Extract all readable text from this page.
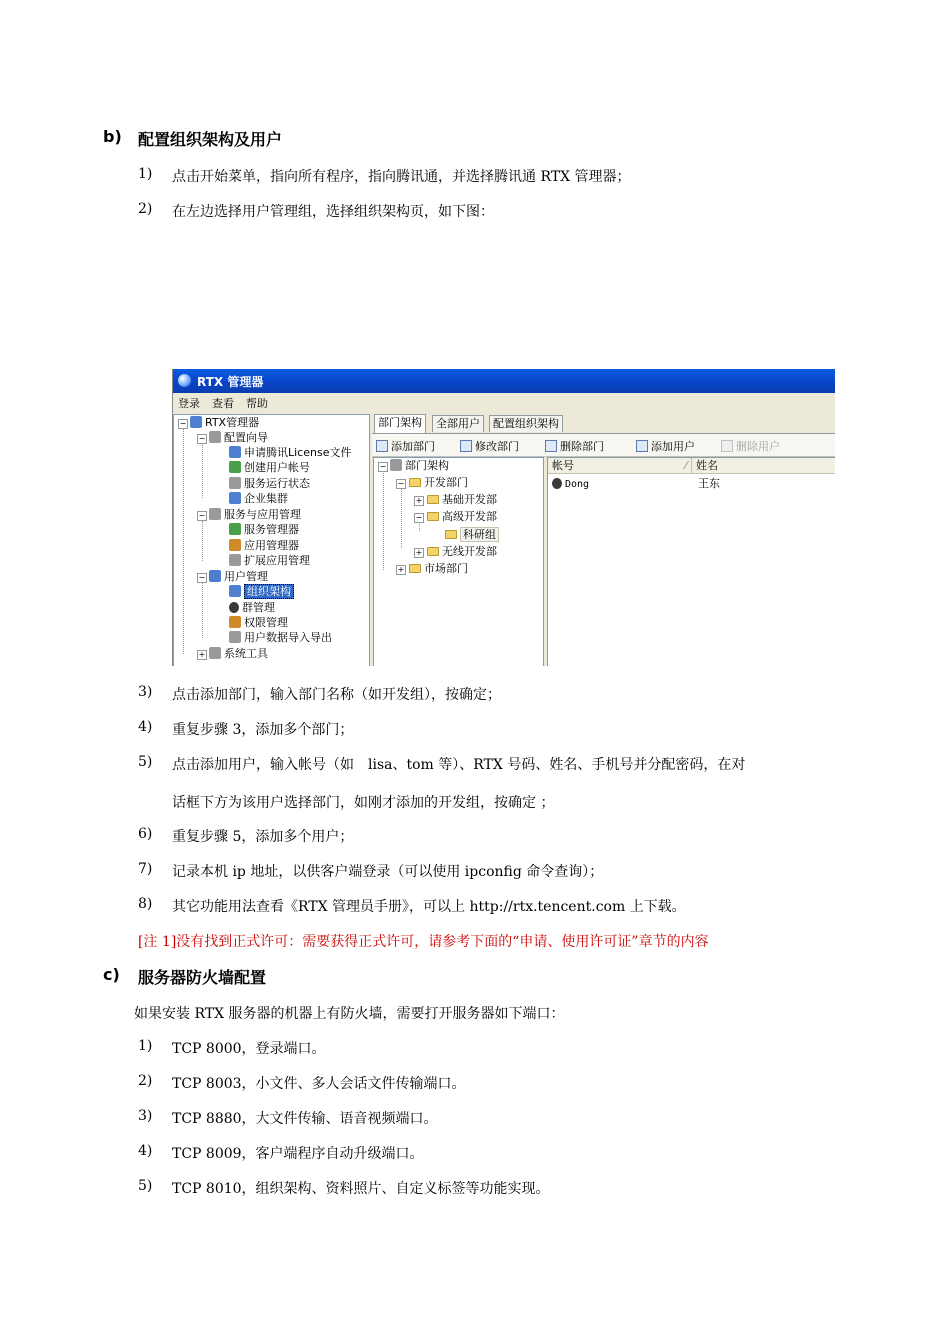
b) 配置组织架构及用户
1) 点击开始菜单，指向所有程序，指向腾讯通，并选择腾讯通 RTX 管理器；
2) 在左边选择用户管理组，选择组织架构页，如下图：
RTX 管理器
登录 查看 帮助
−	RTX管理器
−	配置向导
申请腾讯License文件
创建用户帐号
服务运行状态
企业集群
−	服务与应用管理
服务管理器
应用管理器
扩展应用管理
−	用户管理
组织架构
群管理
权限管理
用户数据导入导出
+	系统工具
部门架构	全部用户	配置组织架构
添加部门	修改部门	删除部门	添加用户	删除用户
−	部门架构
−	开发部门
+	基础开发部
−	高级开发部
科研组
+	无线开发部
+	市场部门
帐号	⁄ 姓名
Dong	王东
3) 点击添加部门，输入部门名称（如开发组），按确定；
4) 重复步骤 3，添加多个部门；
5) 点击添加用户，输入帐号（如　lisa、tom 等）、RTX 号码、姓名、手机号并分配密码，在对
话框下方为该用户选择部门，如刚才添加的开发组，按确定 ；
6) 重复步骤 5，添加多个用户；
7) 记录本机 ip 地址，以供客户端登录（可以使用 ipconfig 命令查询）；
8) 其它功能用法查看《RTX 管理员手册》，可以上 http://rtx.tencent.com 上下载。
[注 1]没有找到正式许可：需要获得正式许可，请参考下面的“申请、使用许可证”章节的内容
c) 服务器防火墙配置
如果安装 RTX 服务器的机器上有防火墙，需要打开服务器如下端口：
1) TCP 8000，登录端口。
2) TCP 8003，小文件、多人会话文件传输端口。
3) TCP 8880，大文件传输、语音视频端口。
4) TCP 8009，客户端程序自动升级端口。
5) TCP 8010，组织架构、资料照片、自定义标签等功能实现。
